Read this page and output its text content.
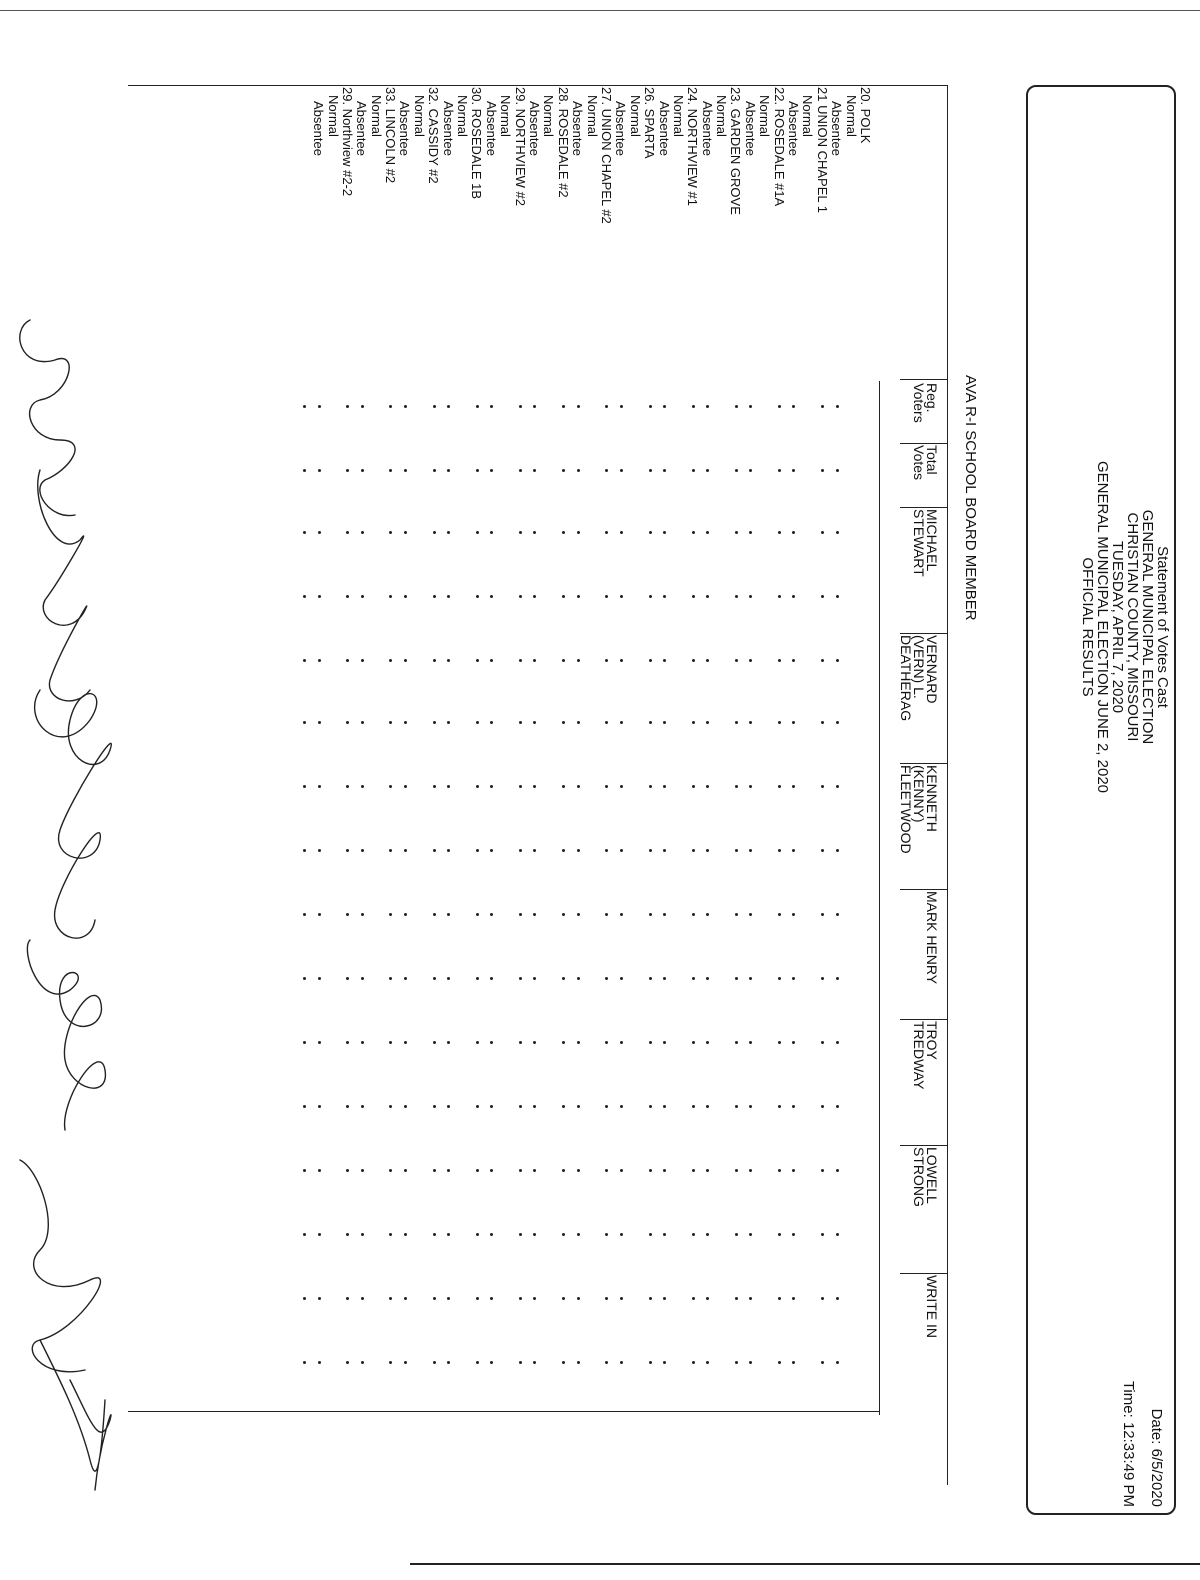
Statement of Votes Cast
GENERAL MUNICIPAL ELECTION
CHRISTIAN COUNTY, MISSOURI
TUESDAY, APRIL 7, 2020
GENERAL MUNICIPAL ELECTION JUNE 2, 2020
OFFICIAL RESULTS
Date: 6/5/2020
Time: 12:33:49 PM
AVA R-I SCHOOL BOARD MEMBER
Reg.
Voters
Total
Votes
MICHAEL
STEWART
VERNARD
(VERN) L.
DEATHERAG
KENNETH
(KENNY)
FLEETWOOD
MARK HENRY
TROY
TREDWAY
LOWELL
STRONG
WRITE IN
20. POLK
Normal
Absentee
21 UNION CHAPEL 1
Normal
Absentee
22. ROSEDALE #1A
Normal
Absentee
23. GARDEN GROVE
Normal
Absentee
24. NORTHVIEW #1
Normal
Absentee
26. SPARTA
Normal
Absentee
27. UNION CHAPEL #2
Normal
Absentee
28. ROSEDALE #2
Normal
Absentee
29. NORTHVIEW #2
Normal
Absentee
30. ROSEDALE 1B
Normal
Absentee
32. CASSIDY #2
Normal
Absentee
33. LINCOLN #2
Normal
Absentee
29. Northview #2-2
Normal
Absentee
